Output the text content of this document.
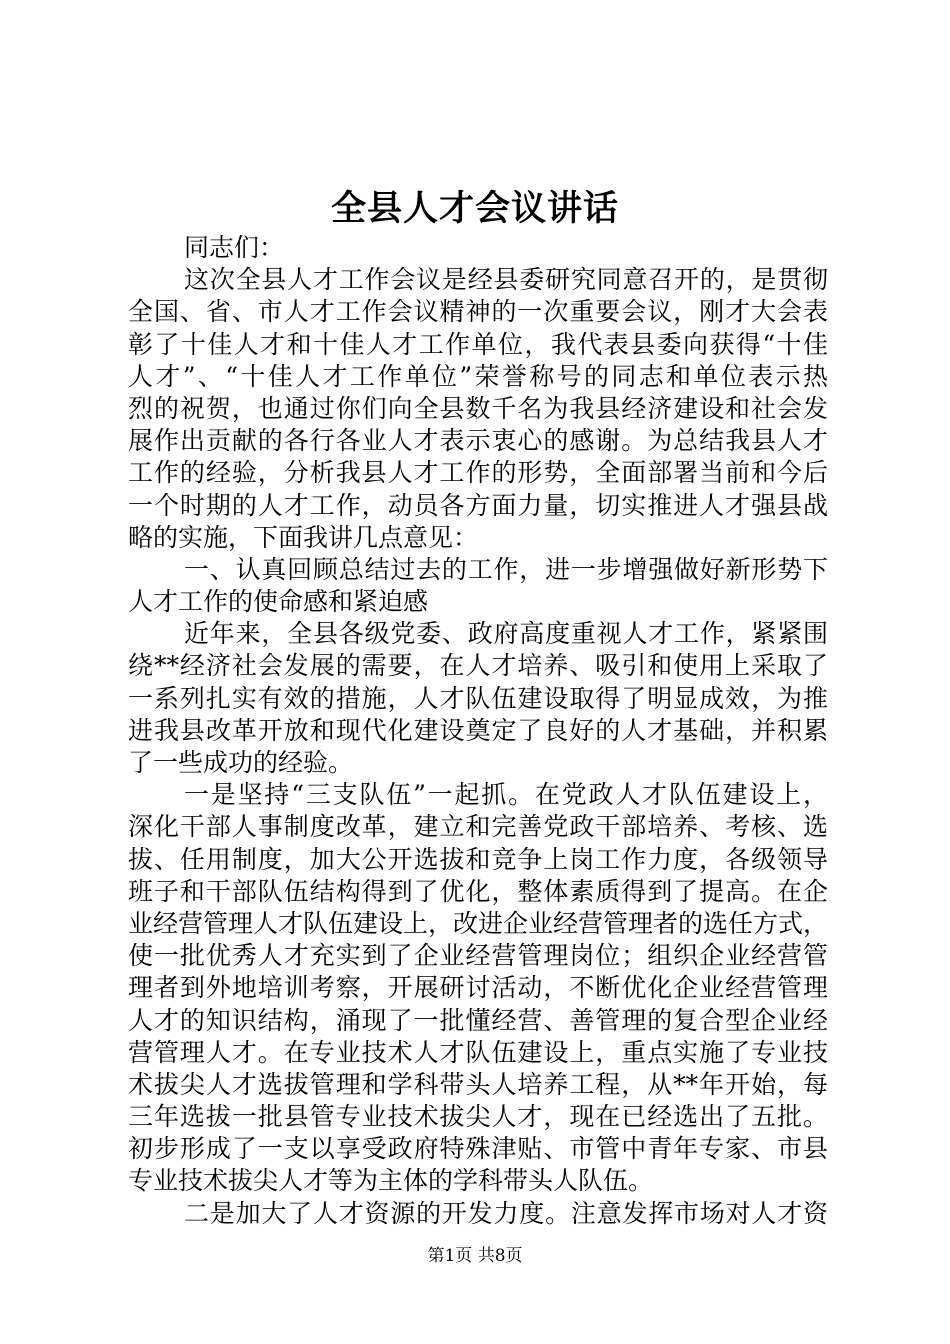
全县人才会议讲话
同志们：
这次全县人才工作会议是经县委研究同意召开的，是贯彻
全国、省、市人才工作会议精神的一次重要会议，刚才大会表
彰了十佳人才和十佳人才工作单位，我代表县委向获得“十佳
人才”、“十佳人才工作单位”荣誉称号的同志和单位表示热
烈的祝贺，也通过你们向全县数千名为我县经济建设和社会发
展作出贡献的各行各业人才表示衷心的感谢。为总结我县人才
工作的经验，分析我县人才工作的形势，全面部署当前和今后
一个时期的人才工作，动员各方面力量，切实推进人才强县战
略的实施，下面我讲几点意见：
一、认真回顾总结过去的工作，进一步增强做好新形势下
人才工作的使命感和紧迫感
近年来，全县各级党委、政府高度重视人才工作，紧紧围
绕**经济社会发展的需要，在人才培养、吸引和使用上采取了
一系列扎实有效的措施，人才队伍建设取得了明显成效，为推
进我县改革开放和现代化建设奠定了良好的人才基础，并积累
了一些成功的经验。
一是坚持“三支队伍”一起抓。在党政人才队伍建设上，
深化干部人事制度改革，建立和完善党政干部培养、考核、选
拔、任用制度，加大公开选拔和竞争上岗工作力度，各级领导
班子和干部队伍结构得到了优化，整体素质得到了提高。在企
业经营管理人才队伍建设上，改进企业经营管理者的选任方式，
使一批优秀人才充实到了企业经营管理岗位；组织企业经营管
理者到外地培训考察，开展研讨活动，不断优化企业经营管理
人才的知识结构，涌现了一批懂经营、善管理的复合型企业经
营管理人才。在专业技术人才队伍建设上，重点实施了专业技
术拔尖人才选拔管理和学科带头人培养工程，从**年开始，每
三年选拔一批县管专业技术拔尖人才，现在已经选出了五批。
初步形成了一支以享受政府特殊津贴、市管中青年专家、市县
专业技术拔尖人才等为主体的学科带头人队伍。
二是加大了人才资源的开发力度。注意发挥市场对人才资
第1页 共8页
